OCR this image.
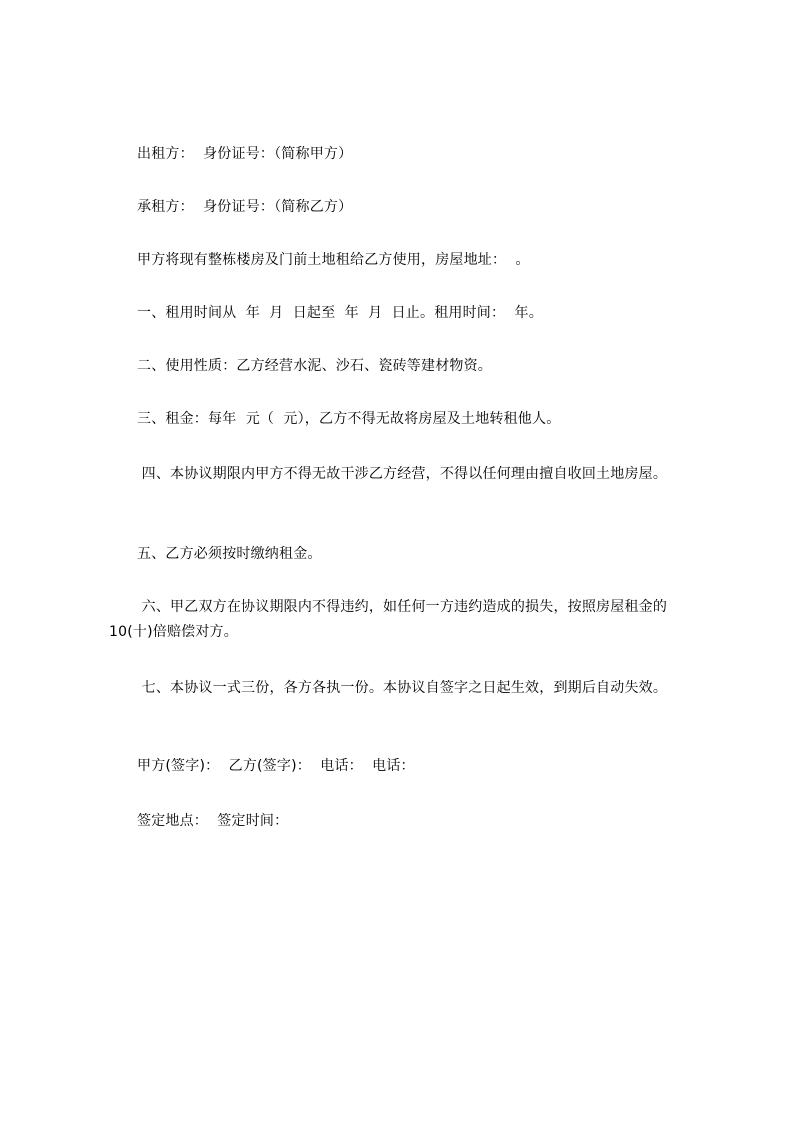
出租方：  身份证号：（简称甲方）

承租方：  身份证号：（简称乙方）

甲方将现有整栋楼房及门前土地租给乙方使用，房屋地址：  。

一、租用时间从  年  月  日起至  年  月  日止。租用时间：  年。

二、使用性质：乙方经营水泥、沙石、瓷砖等建材物资。

三、租金：每年  元（  元），乙方不得无故将房屋及土地转租他人。

四、本协议期限内甲方不得无故干涉乙方经营，不得以任何理由擅自收回土地房屋。

五、乙方必须按时缴纳租金。

六、甲乙双方在协议期限内不得违约，如任何一方违约造成的损失，按照房屋租金的 10(十)倍赔偿对方。

七、本协议一式三份，各方各执一份。本协议自签字之日起生效，到期后自动失效。

甲方(签字)：  乙方(签字)：  电话：  电话：

签定地点：  签定时间：
